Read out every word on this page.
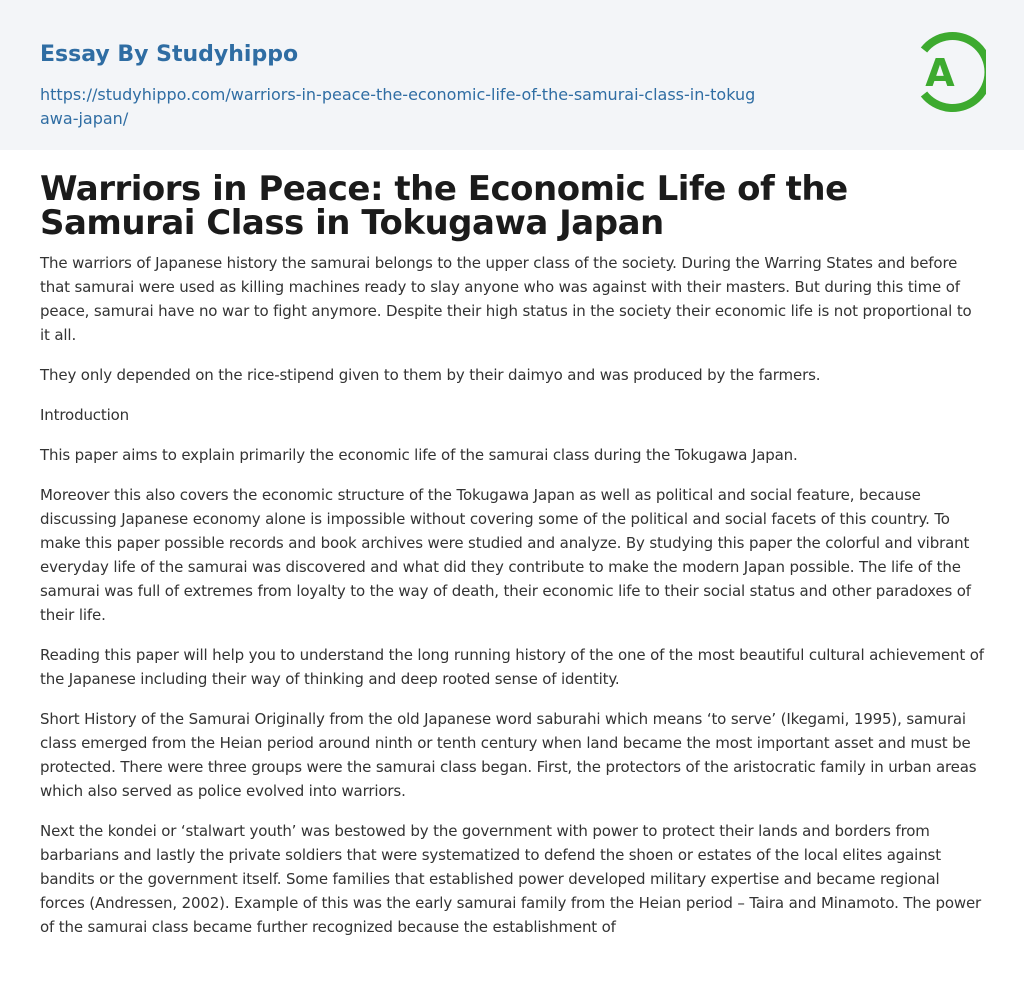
Essay By Studyhippo
https://studyhippo.com/warriors-in-peace-the-economic-life-of-the-samurai-class-in-tokugawa-japan/
A
Warriors in Peace: the Economic Life of the Samurai Class in Tokugawa Japan

The warriors of Japanese history the samurai belongs to the upper class of the society. During the Warring States and before that samurai were used as killing machines ready to slay anyone who was against with their masters. But during this time of peace, samurai have no war to fight anymore. Despite their high status in the society their economic life is not proportional to it all.

They only depended on the rice-stipend given to them by their daimyo and was produced by the farmers.

Introduction

This paper aims to explain primarily the economic life of the samurai class during the Tokugawa Japan.

Moreover this also covers the economic structure of the Tokugawa Japan as well as political and social feature, because discussing Japanese economy alone is impossible without covering some of the political and social facets of this country. To make this paper possible records and book archives were studied and analyze. By studying this paper the colorful and vibrant everyday life of the samurai was discovered and what did they contribute to make the modern Japan possible. The life of the samurai was full of extremes from loyalty to the way of death, their economic life to their social status and other paradoxes of their life.

Reading this paper will help you to understand the long running history of the one of the most beautiful cultural achievement of the Japanese including their way of thinking and deep rooted sense of identity.

Short History of the Samurai Originally from the old Japanese word saburahi which means ‘to serve’ (Ikegami, 1995), samurai class emerged from the Heian period around ninth or tenth century when land became the most important asset and must be protected. There were three groups were the samurai class began. First, the protectors of the aristocratic family in urban areas which also served as police evolved into warriors.

Next the kondei or ‘stalwart youth’ was bestowed by the government with power to protect their lands and borders from barbarians and lastly the private soldiers that were systematized to defend the shoen or estates of the local elites against bandits or the government itself. Some families that established power developed military expertise and became regional forces (Andressen, 2002). Example of this was the early samurai family from the Heian period – Taira and Minamoto. The power of the samurai class became further recognized because the establishment of
